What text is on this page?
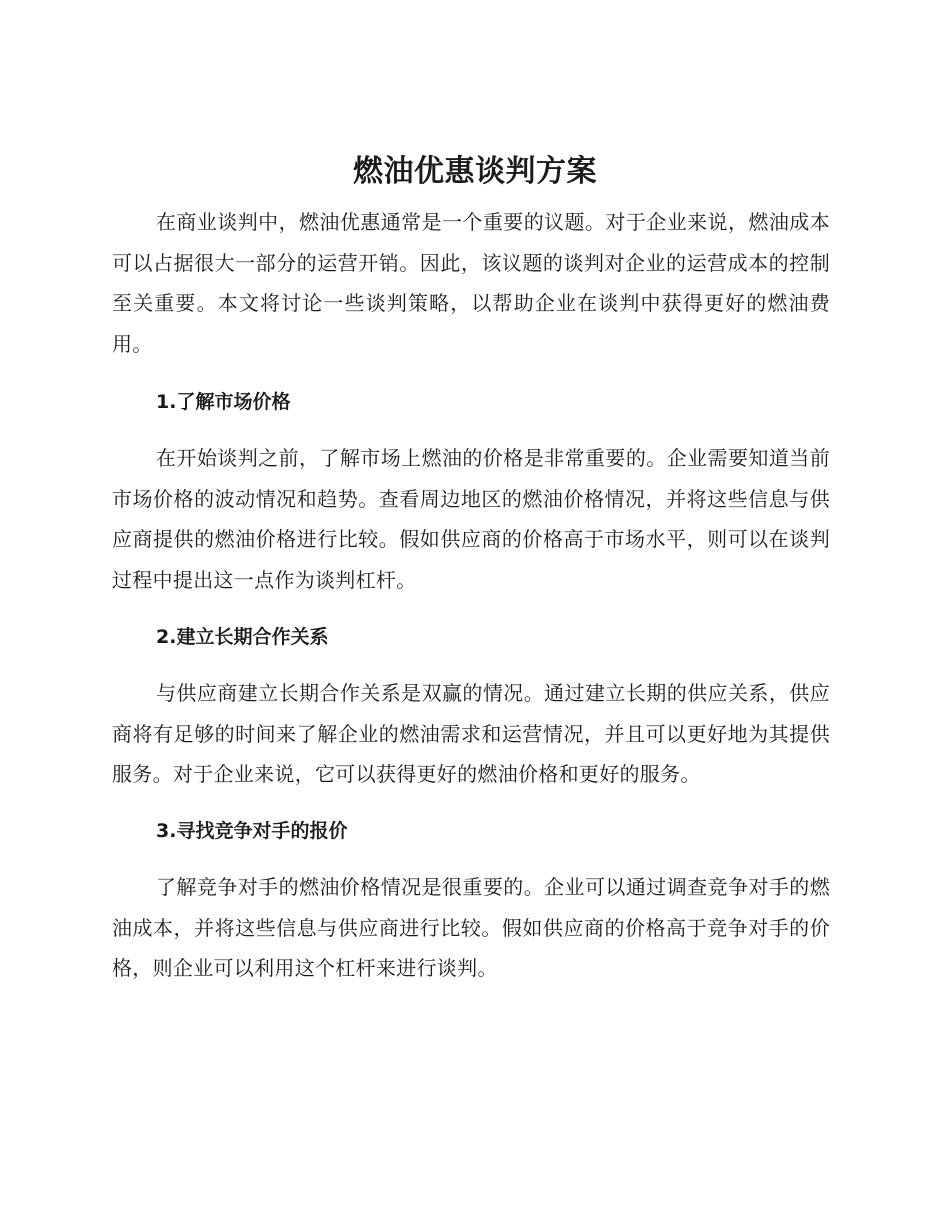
燃油优惠谈判方案

在商业谈判中，燃油优惠通常是一个重要的议题。对于企业来说，燃油成本可以占据很大一部分的运营开销。因此，该议题的谈判对企业的运营成本的控制至关重要。本文将讨论一些谈判策略，以帮助企业在谈判中获得更好的燃油费用。

1.了解市场价格

在开始谈判之前，了解市场上燃油的价格是非常重要的。企业需要知道当前市场价格的波动情况和趋势。查看周边地区的燃油价格情况，并将这些信息与供应商提供的燃油价格进行比较。假如供应商的价格高于市场水平，则可以在谈判过程中提出这一点作为谈判杠杆。

2.建立长期合作关系

与供应商建立长期合作关系是双赢的情况。通过建立长期的供应关系，供应商将有足够的时间来了解企业的燃油需求和运营情况，并且可以更好地为其提供服务。对于企业来说，它可以获得更好的燃油价格和更好的服务。

3.寻找竞争对手的报价

了解竞争对手的燃油价格情况是很重要的。企业可以通过调查竞争对手的燃油成本，并将这些信息与供应商进行比较。假如供应商的价格高于竞争对手的价格，则企业可以利用这个杠杆来进行谈判。
